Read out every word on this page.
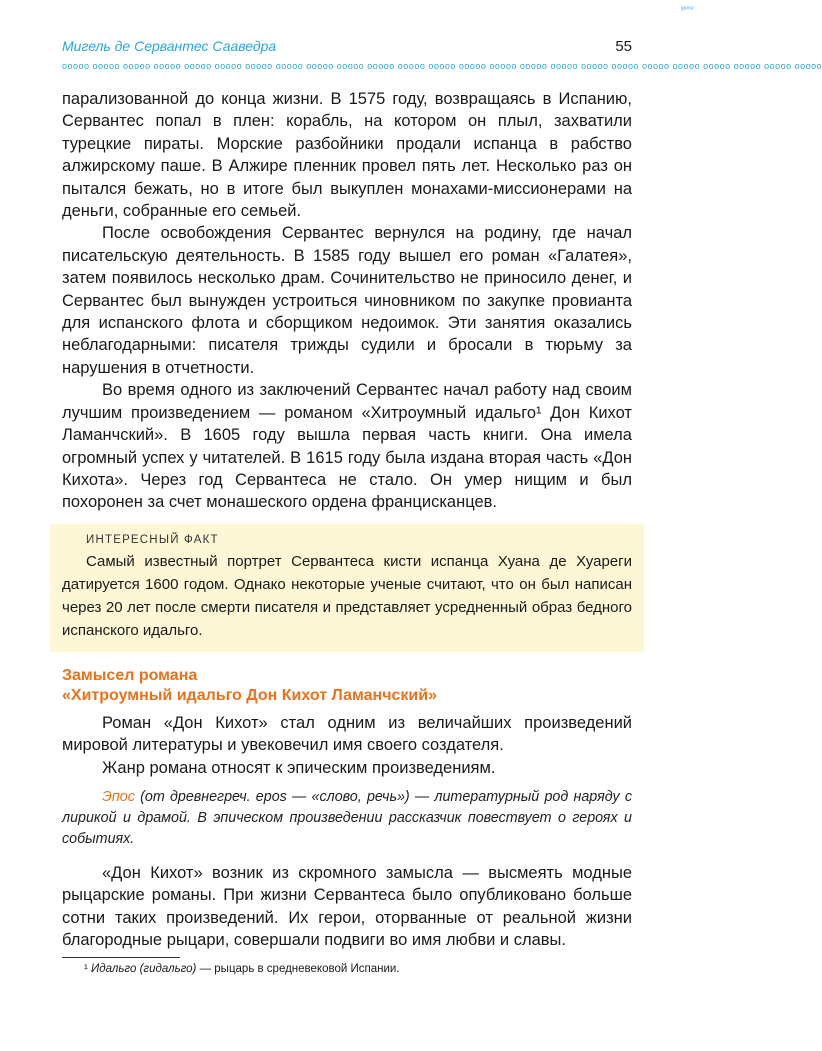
ᵍᵃᵐᵉ
Мигель де Сервантес Сааведра	55
ooooo ooooo ooooo ooooo ooooo ooooo ooooo ooooo ooooo ooooo ooooo ooooo ooooo ooooo ooooo ooooo ooooo ooooo ooooo ooooo ooooo ooooo ooooo ooooo ooooo

парализованной до конца жизни. В 1575 году, возвращаясь в Испанию, Сервантес попал в плен: корабль, на котором он плыл, захватили турецкие пираты. Морские разбойники продали испанца в рабство алжирскому паше. В Алжире пленник провел пять лет. Несколько раз он пытался бежать, но в итоге был выкуплен монахами-миссионерами на деньги, собранные его семьей.

После освобождения Сервантес вернулся на родину, где начал писательскую деятельность. В 1585 году вышел его роман «Галатея», затем появилось несколько драм. Сочинительство не приносило денег, и Сервантес был вынужден устроиться чиновником по закупке провианта для испанского флота и сборщиком недоимок. Эти занятия оказались неблагодарными: писателя трижды судили и бросали в тюрьму за нарушения в отчетности.

Во время одного из заключений Сервантес начал работу над своим лучшим произведением — романом «Хитроумный идальго¹ Дон Кихот Ламанчский». В 1605 году вышла первая часть книги. Она имела огромный успех у читателей. В 1615 году была издана вторая часть «Дон Кихота». Через год Сервантеса не стало. Он умер нищим и был похоронен за счет монашеского ордена францисканцев.

ИНТЕРЕСНЫЙ ФАКТ

Самый известный портрет Сервантеса кисти испанца Хуана де Хуареги датируется 1600 годом. Однако некоторые ученые считают, что он был написан через 20 лет после смерти писателя и представляет усредненный образ бедного испанского идальго.

Замысел романа
«Хитроумный идальго Дон Кихот Ламанчский»

Роман «Дон Кихот» стал одним из величайших произведений мировой литературы и увековечил имя своего создателя.

Жанр романа относят к эпическим произведениям.

Эпос (от древнегреч. epos — «слово, речь») — литературный род наряду с лирикой и драмой. В эпическом произведении рассказчик повествует о героях и событиях.

«Дон Кихот» возник из скромного замысла — высмеять модные рыцарские романы. При жизни Сервантеса было опубликовано больше сотни таких произведений. Их герои, оторванные от реальной жизни благородные рыцари, совершали подвиги во имя любви и славы.

¹ Идальго (гидальго) — рыцарь в средневековой Испании.
